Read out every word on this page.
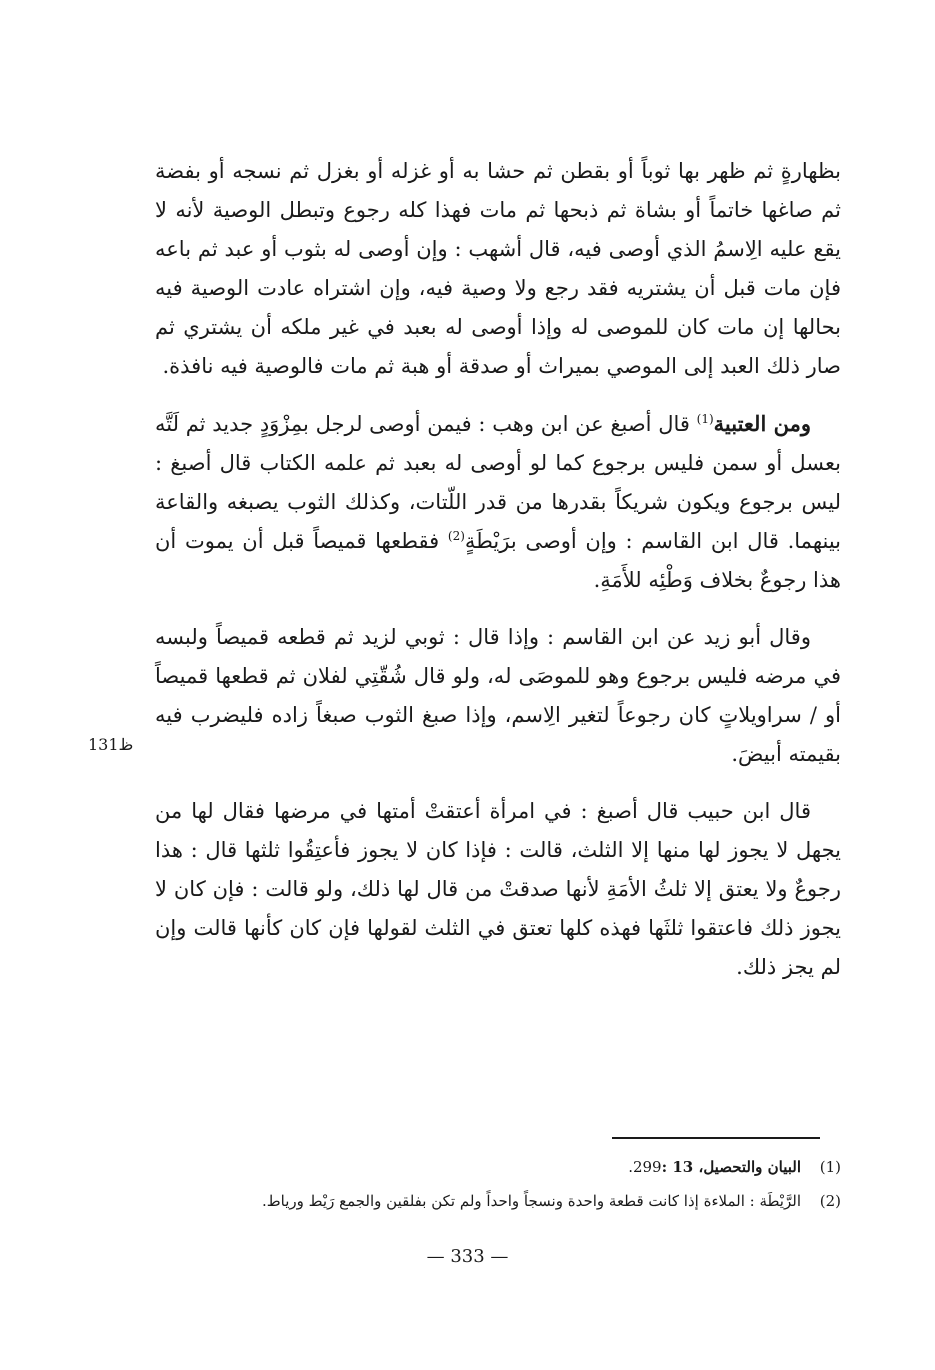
بظهارةٍ ثم ظهر بها ثوباً أو بقطن ثم حشا به أو غزله أو بغزل ثم نسجه أو بفضة ثم صاغها خاتماً أو بشاة ثم ذبحها ثم مات فهذا كله رجوع وتبطل الوصية لأنه لا يقع عليه الِاسمُ الذي أوصى فيه، قال أشهب : وإن أوصى له بثوب أو عبد ثم باعه فإن مات قبل أن يشتريه فقد رجع ولا وصية فيه، وإن اشتراه عادت الوصية فيه بحالها إن مات كان للموصى له وإذا أوصى له بعبد في غير ملكه أن يشتري ثم صار ذلك العبد إلى الموصي بميراث أو صدقة أو هبة ثم مات فالوصية فيه نافذة.

ومن العتبية$^{(1)}$ قال أصبغ عن ابن وهب : فيمن أوصى لرجل بمِزْوَدٍ جديد ثم لَتَّه بعسل أو سمن فليس برجوع كما لو أوصى له بعبد ثم علمه الكتاب قال أصبغ : ليس برجوع ويكون شريكاً بقدرها من قدر اللّتات، وكذلك الثوب يصبغه والقاعة بينهما. قال ابن القاسم : وإن أوصى برَيْطَةٍ$^{(2)}$ فقطعها قميصاً قبل أن يموت أن هذا رجوعٌ بخلاف وَطْئِه للأَمَةِ.

وقال أبو زيد عن ابن القاسم : وإذا قال : ثوبي لزيد ثم قطعه قميصاً ولبسه في مرضه فليس برجوع وهو للموصَى له، ولو قال شُقّتِي لفلان ثم قطعها قميصاً أو / سراويلاتٍ كان رجوعاً لتغير الِاسم، وإذا صبغ الثوب صبغاً زاده فليضرب فيه بقيمته أبيضَ.

قال ابن حبيب قال أصبغ : في امرأة أعتقتْ أمتها في مرضها فقال لها من يجهل لا يجوز لها منها إلا الثلث، قالت : فإذا كان لا يجوز فأعتِقُوا ثلثها قال : هذا رجوعٌ ولا يعتق إلا ثلثُ الأمَةِ لأنها صدقتْ من قال لها ذلك، ولو قالت : فإن كان لا يجوز ذلك فاعتقوا ثلثَها فهذه كلها تعتق في الثلث لقولها فإن كان كأنها قالت وإن لم يجز ذلك.

131ظ
(1)
البيان والتحصيل، 13 :
299.
(2)
الرَّيْطَة : الملاءة إذا كانت قطعة واحدة ونسجاً واحداً ولم تكن بفلقين والجمع رَيْط ورياط.
— 333 —
